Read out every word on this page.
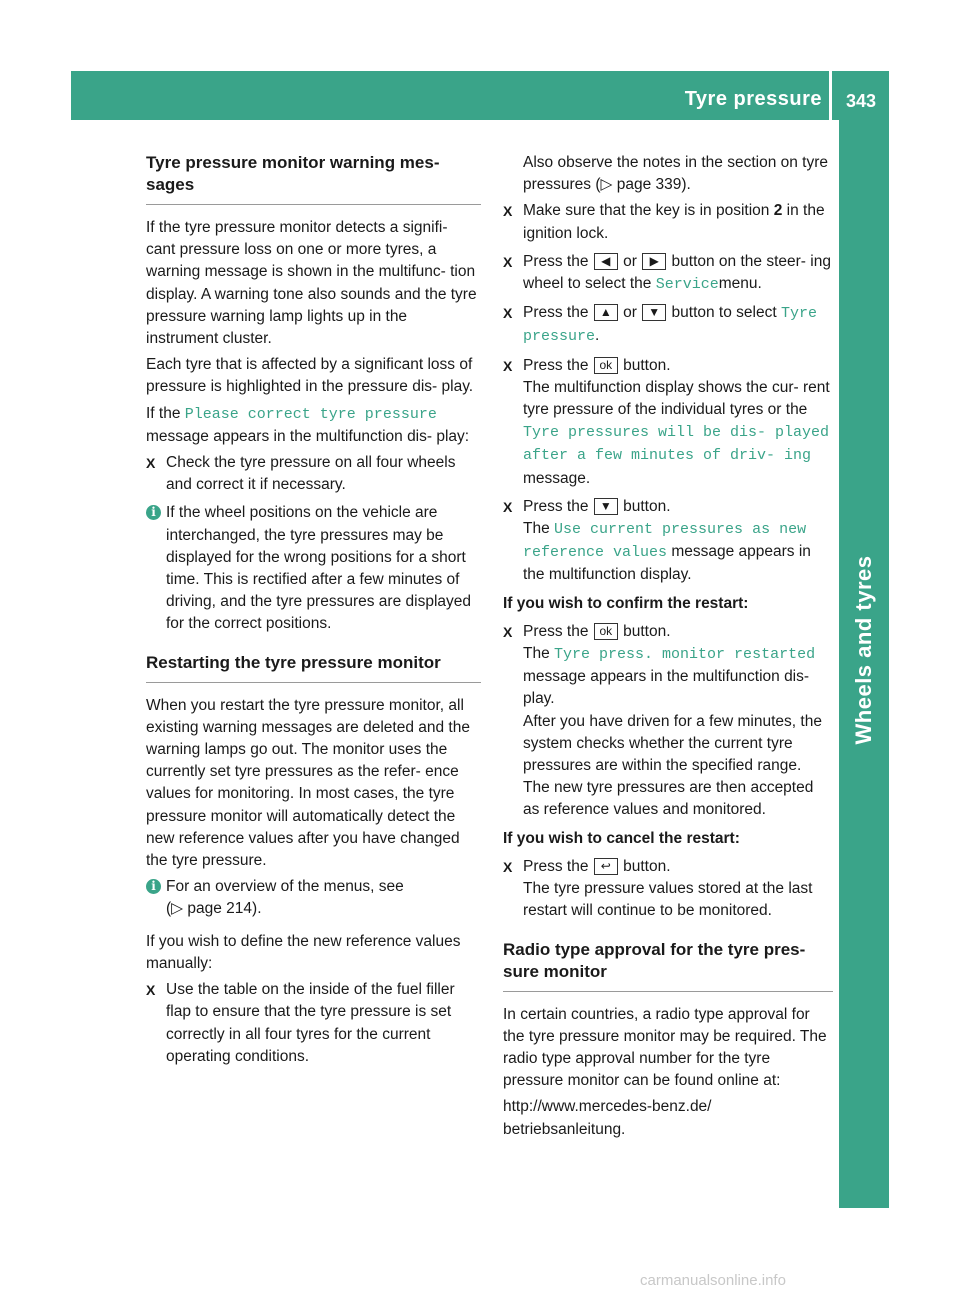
Tyre pressure	343
Wheels and tyres
Tyre pressure monitor warning mes- sages

If the tyre pressure monitor detects a signifi- cant pressure loss on one or more tyres, a warning message is shown in the multifunc- tion display. A warning tone also sounds and the tyre pressure warning lamp lights up in the instrument cluster.

Each tyre that is affected by a significant loss of pressure is highlighted in the pressure dis- play.

If the Please correct tyre pressure message appears in the multifunction dis- play:

X Check the tyre pressure on all four wheels and correct it if necessary.
i If the wheel positions on the vehicle are interchanged, the tyre pressures may be displayed for the wrong positions for a short time. This is rectified after a few minutes of driving, and the tyre pressures are displayed for the correct positions.
Restarting the tyre pressure monitor

When you restart the tyre pressure monitor, all existing warning messages are deleted and the warning lamps go out. The monitor uses the currently set tyre pressures as the refer- ence values for monitoring. In most cases, the tyre pressure monitor will automatically detect the new reference values after you have changed the tyre pressure.

i For an overview of the menus, see
(▷ page 214).

If you wish to define the new reference values manually:

X Use the table on the inside of the fuel filler flap to ensure that the tyre pressure is set correctly in all four tyres for the current operating conditions.

Also observe the notes in the section on tyre pressures (▷ page 339).

X Make sure that the key is in position 2 in the ignition lock.
X Press the ◀ or ▶ button on the steer- ing wheel to select the Servicemenu.
X Press the ▲ or ▼ button to select Tyre pressure.
X Press the ok button.
The multifunction display shows the cur- rent tyre pressure of the individual tyres or the Tyre pressures will be dis- played after a few minutes of driv- ing message.
X Press the ▼ button.
The Use current pressures as new reference values message appears in the multifunction display.
If you wish to confirm the restart:
X Press the ok button.
The Tyre press. monitor restarted message appears in the multifunction dis- play.
After you have driven for a few minutes, the system checks whether the current tyre pressures are within the specified range.
The new tyre pressures are then accepted as reference values and monitored.
If you wish to cancel the restart:
X Press the ↩ button.
The tyre pressure values stored at the last restart will continue to be monitored.
Radio type approval for the tyre pres- sure monitor

In certain countries, a radio type approval for the tyre pressure monitor may be required. The radio type approval number for the tyre pressure monitor can be found online at:

http://www.mercedes-benz.de/ betriebsanleitung.

carmanualsonline.info
